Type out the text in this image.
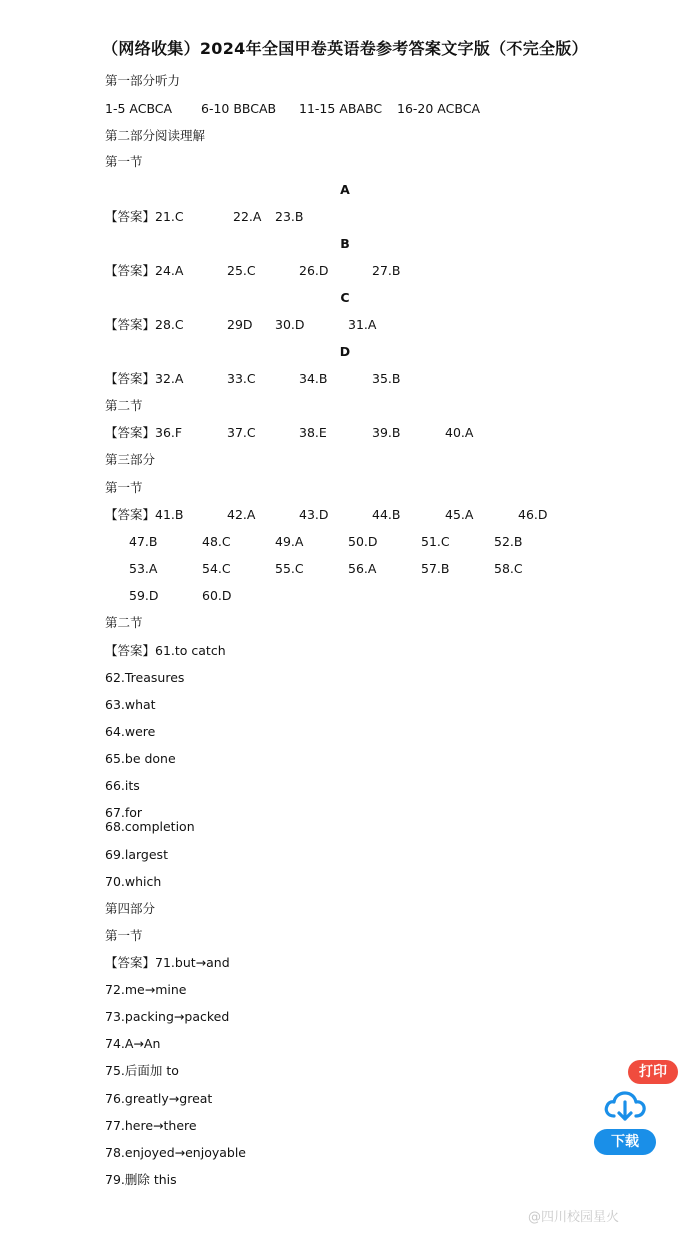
（网络收集）2024年全国甲卷英语卷参考答案文字版（不完全版）
第一部分听力
1-5 ACBCA 6-10 BBCAB 11-15 ABABC 16-20 ACBCA
第二部分阅读理解
第一节
A
【答案】21.C	22.A 23.B
B
【答案】24.A	25.C	26.D	27.B
C
【答案】28.C	29D 30.D	31.A
D
【答案】32.A	33.C	34.B	35.B
第二节
【答案】36.F	37.C	38.E	39.B	40.A
第三部分
第一节
【答案】41.B	42.A	43.D	44.B	45.A	46.D
47.B	48.C	49.A	50.D	51.C	52.B
53.A	54.C	55.C	56.A	57.B	58.C
59.D	60.D
第二节
【答案】61.to catch
62.Treasures
63.what
64.were
65.be done
66.its
67.for
68.completion
69.largest
70.which
第四部分
第一节
【答案】71.but→and
72.me→mine
73.packing→packed
74.A→An
75.后面加 to
76.greatly→great
77.here→there
78.enjoyed→enjoyable
79.删除 this
打印
下载
@四川校园星火
